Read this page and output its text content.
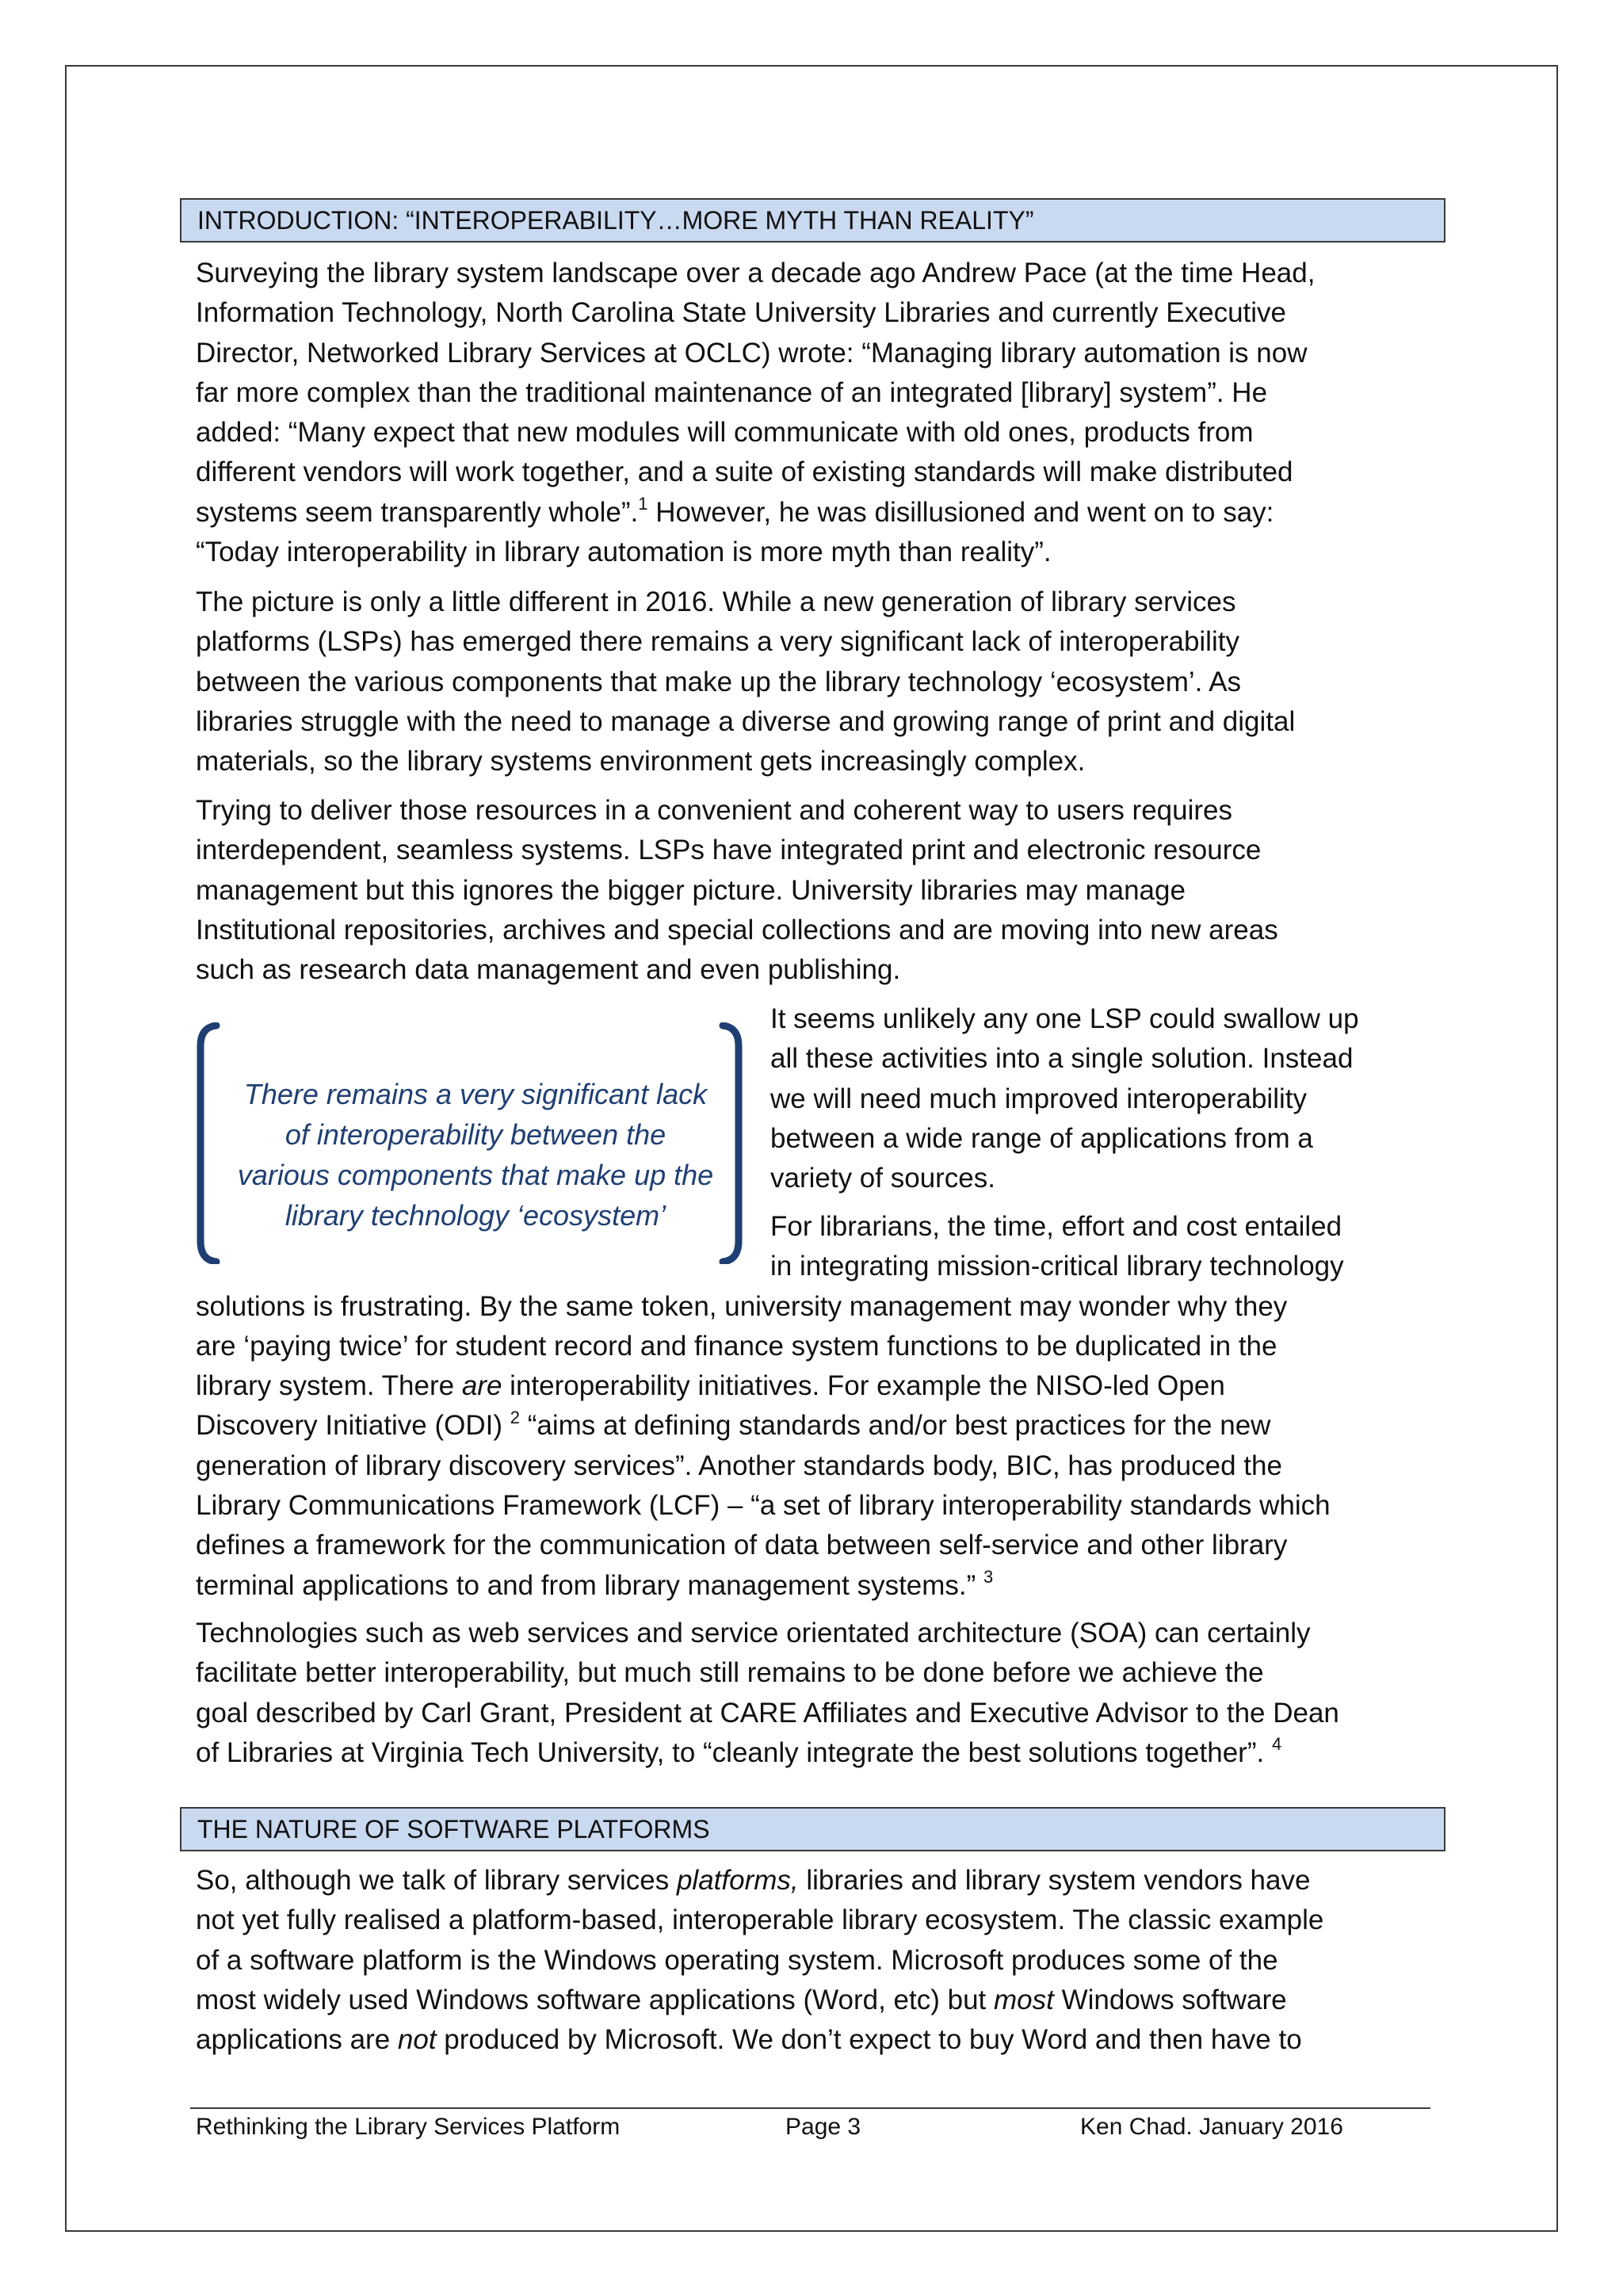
INTRODUCTION: “INTEROPERABILITY…MORE MYTH THAN REALITY”

Surveying the library system landscape over a decade ago Andrew Pace (at the time Head,
Information Technology, North Carolina State University Libraries and currently Executive
Director, Networked Library Services at OCLC) wrote: “Managing library automation is now
far more complex than the traditional maintenance of an integrated [library] system”. He
added: “Many expect that new modules will communicate with old ones, products from
different vendors will work together, and a suite of existing standards will make distributed
systems seem transparently whole”.$^1$ However, he was disillusioned and went on to say:
“Today interoperability in library automation is more myth than reality”.

The picture is only a little different in 2016. While a new generation of library services
platforms (LSPs) has emerged there remains a very significant lack of interoperability
between the various components that make up the library technology ‘ecosystem’. As
libraries struggle with the need to manage a diverse and growing range of print and digital
materials, so the library systems environment gets increasingly complex.

Trying to deliver those resources in a convenient and coherent way to users requires
interdependent, seamless systems. LSPs have integrated print and electronic resource
management but this ignores the bigger picture. University libraries may manage
Institutional repositories, archives and special collections and are moving into new areas
such as research data management and even publishing.

There remains a very significant lack
of interoperability between the
various components that make up the
library technology ‘ecosystem’

It seems unlikely any one LSP could swallow up
all these activities into a single solution. Instead
we will need much improved interoperability
between a wide range of applications from a
variety of sources.

For librarians, the time, effort and cost entailed
in integrating mission-critical library technology
solutions is frustrating. By the same token, university management may wonder why they
are ‘paying twice’ for student record and finance system functions to be duplicated in the
library system. There are interoperability initiatives. For example the NISO-led Open
Discovery Initiative (ODI) $^2$ “aims at defining standards and/or best practices for the new
generation of library discovery services”. Another standards body, BIC, has produced the
Library Communications Framework (LCF) – “a set of library interoperability standards which
defines a framework for the communication of data between self-service and other library
terminal applications to and from library management systems.” $^3$

Technologies such as web services and service orientated architecture (SOA) can certainly
facilitate better interoperability, but much still remains to be done before we achieve the
goal described by Carl Grant, President at CARE Affiliates and Executive Advisor to the Dean
of Libraries at Virginia Tech University, to “cleanly integrate the best solutions together”. $^4$

THE NATURE OF SOFTWARE PLATFORMS

So, although we talk of library services platforms, libraries and library system vendors have
not yet fully realised a platform-based, interoperable library ecosystem. The classic example
of a software platform is the Windows operating system. Microsoft produces some of the
most widely used Windows software applications (Word, etc) but most Windows software
applications are not produced by Microsoft. We don’t expect to buy Word and then have to

Rethinking the Library Services Platform	Page 3	Ken Chad. January 2016
